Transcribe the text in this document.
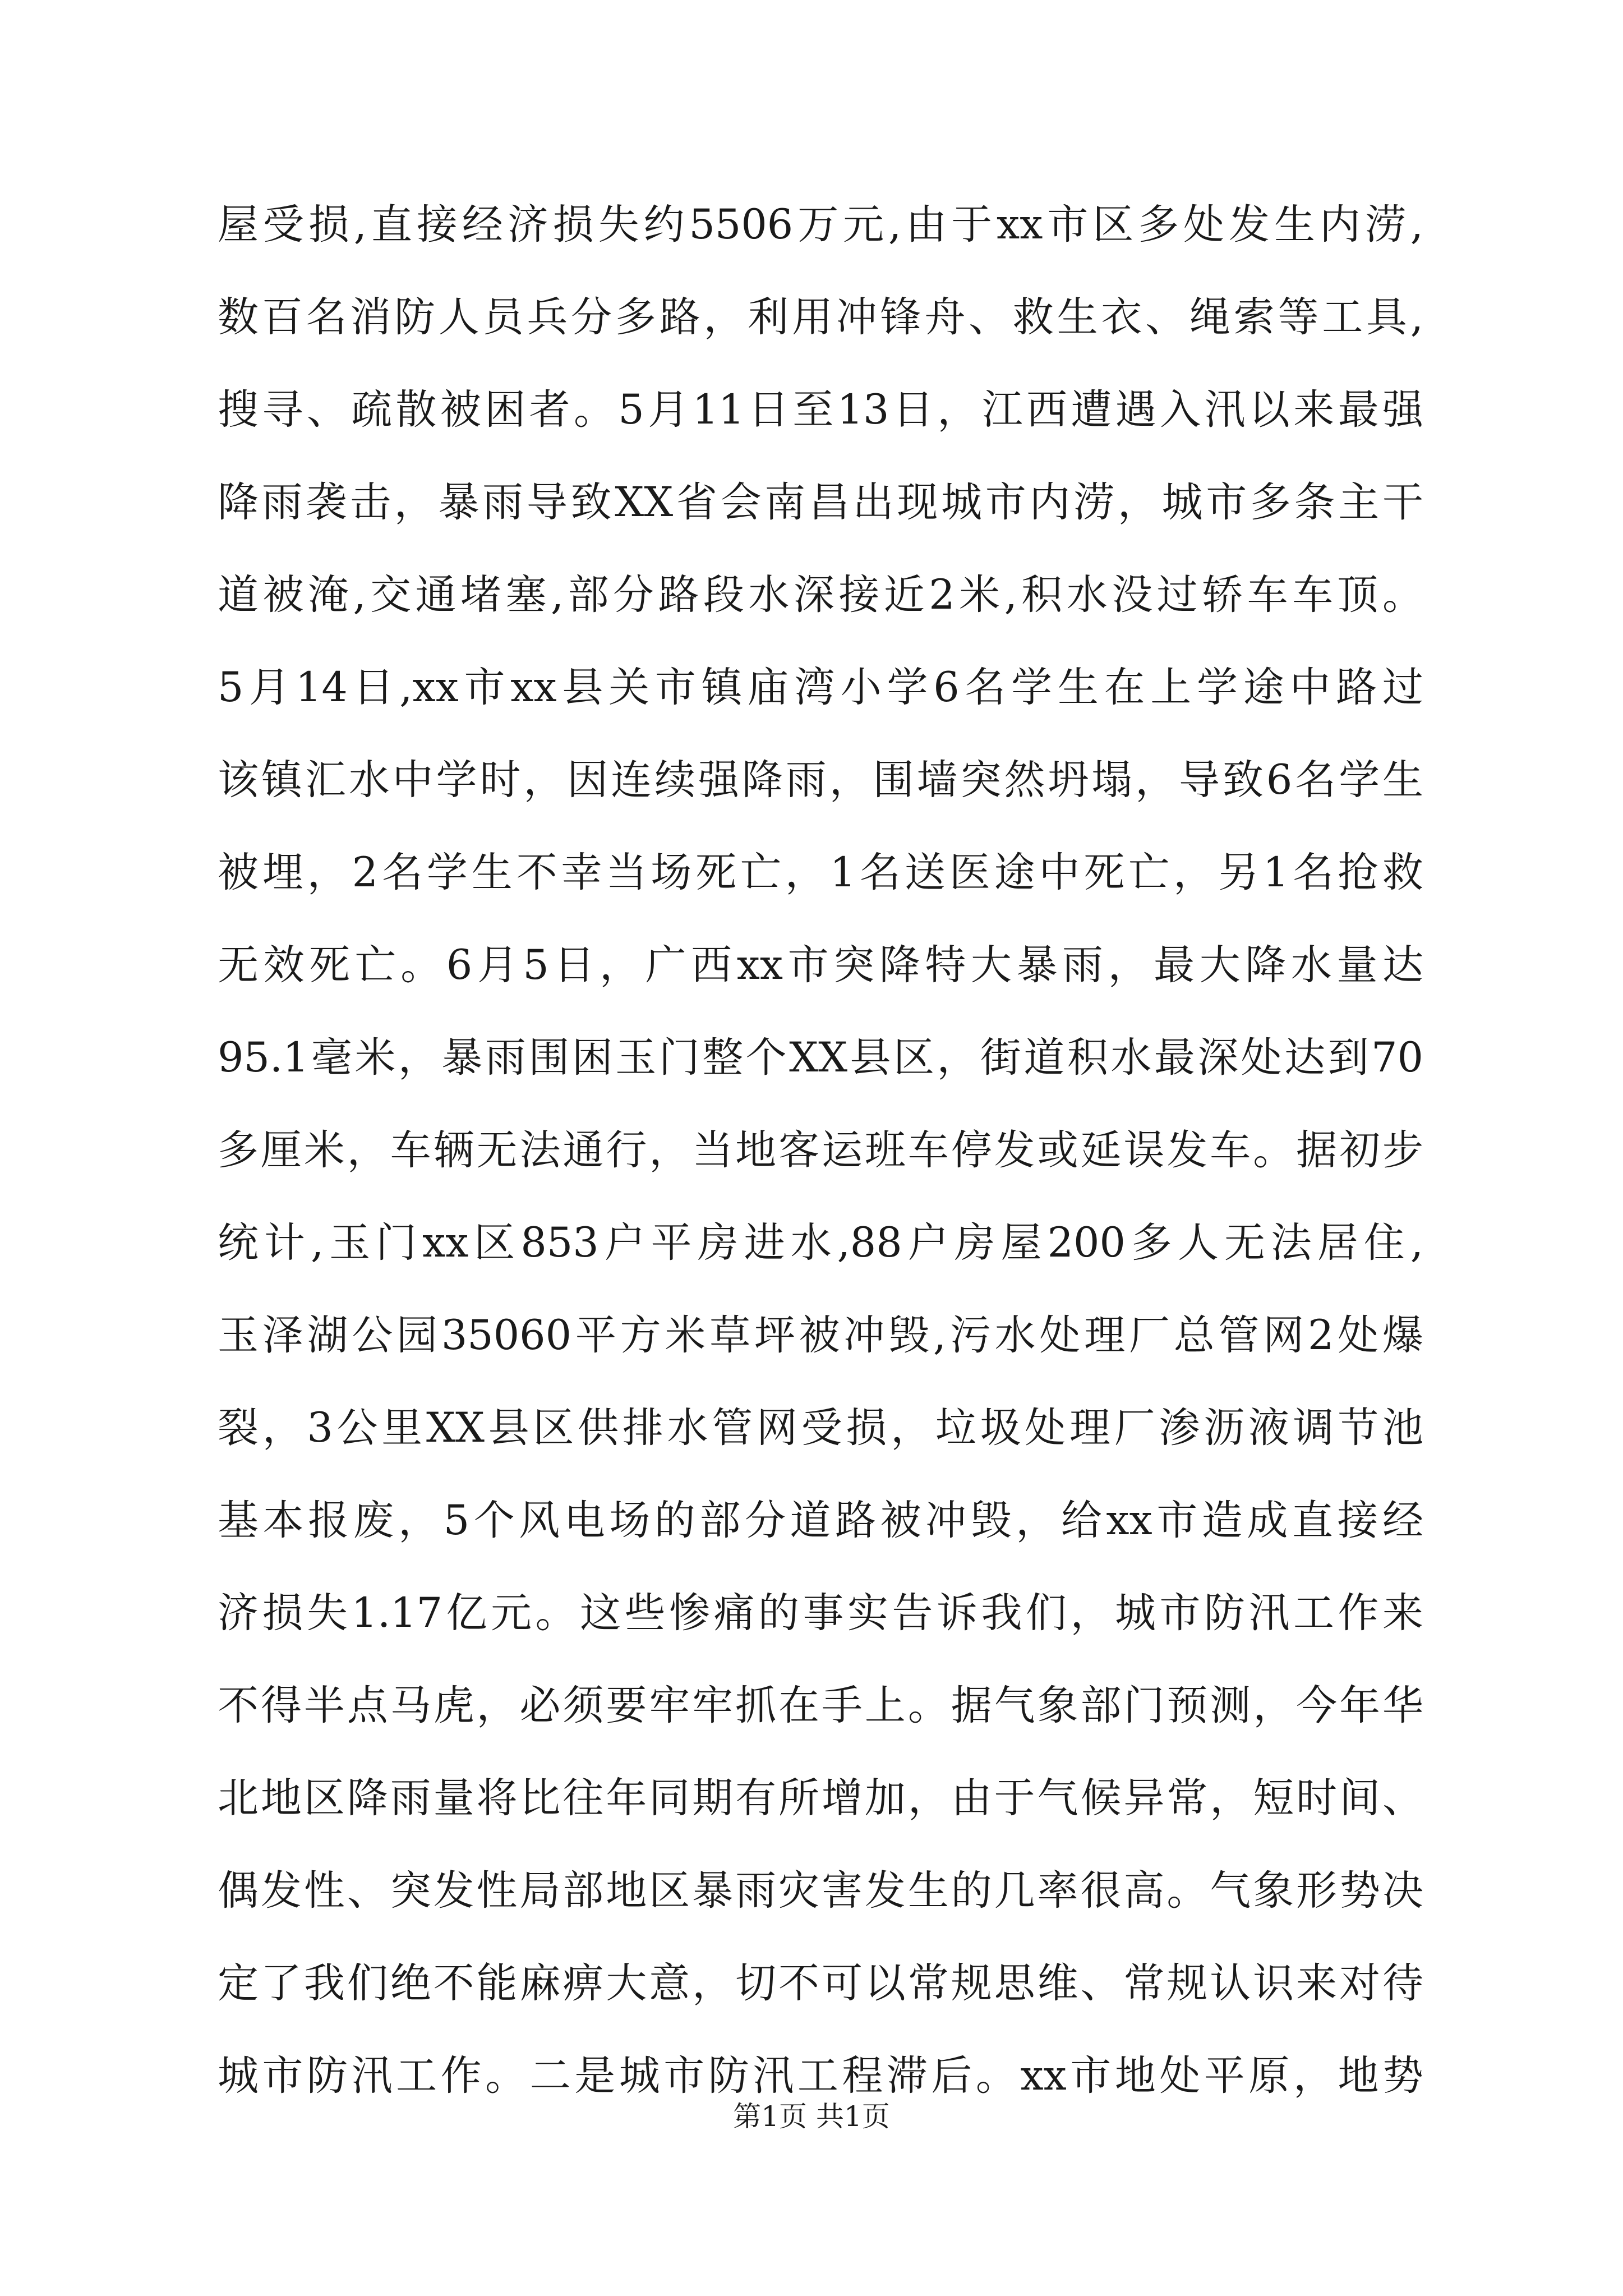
屋受损,直接经济损失约5506万元,由于xx市区多处发生内涝,
数百名消防人员兵分多路，利用冲锋舟、救生衣、绳索等工具,
搜寻、疏散被困者。5月11日至13日，江西遭遇入汛以来最强
降雨袭击，暴雨导致XX省会南昌出现城市内涝，城市多条主干
道被淹,交通堵塞,部分路段水深接近2米,积水没过轿车车顶。
5月14日,xx市xx县关市镇庙湾小学6名学生在上学途中路过
该镇汇水中学时，因连续强降雨，围墙突然坍塌，导致6名学生
被埋，2名学生不幸当场死亡，1名送医途中死亡，另1名抢救
无效死亡。6月5日，广西xx市突降特大暴雨，最大降水量达
95.1毫米，暴雨围困玉门整个XX县区，街道积水最深处达到70
多厘米，车辆无法通行，当地客运班车停发或延误发车。据初步
统计,玉门xx区853户平房进水,88户房屋200多人无法居住,
玉泽湖公园35060平方米草坪被冲毁,污水处理厂总管网2处爆
裂，3公里XX县区供排水管网受损，垃圾处理厂渗沥液调节池
基本报废，5个风电场的部分道路被冲毁，给xx市造成直接经
济损失1.17亿元。这些惨痛的事实告诉我们，城市防汛工作来
不得半点马虎，必须要牢牢抓在手上。据气象部门预测，今年华
北地区降雨量将比往年同期有所增加，由于气候异常，短时间、
偶发性、突发性局部地区暴雨灾害发生的几率很高。气象形势决
定了我们绝不能麻痹大意，切不可以常规思维、常规认识来对待
城市防汛工作。二是城市防汛工程滞后。xx市地处平原，地势
第1页 共1页
